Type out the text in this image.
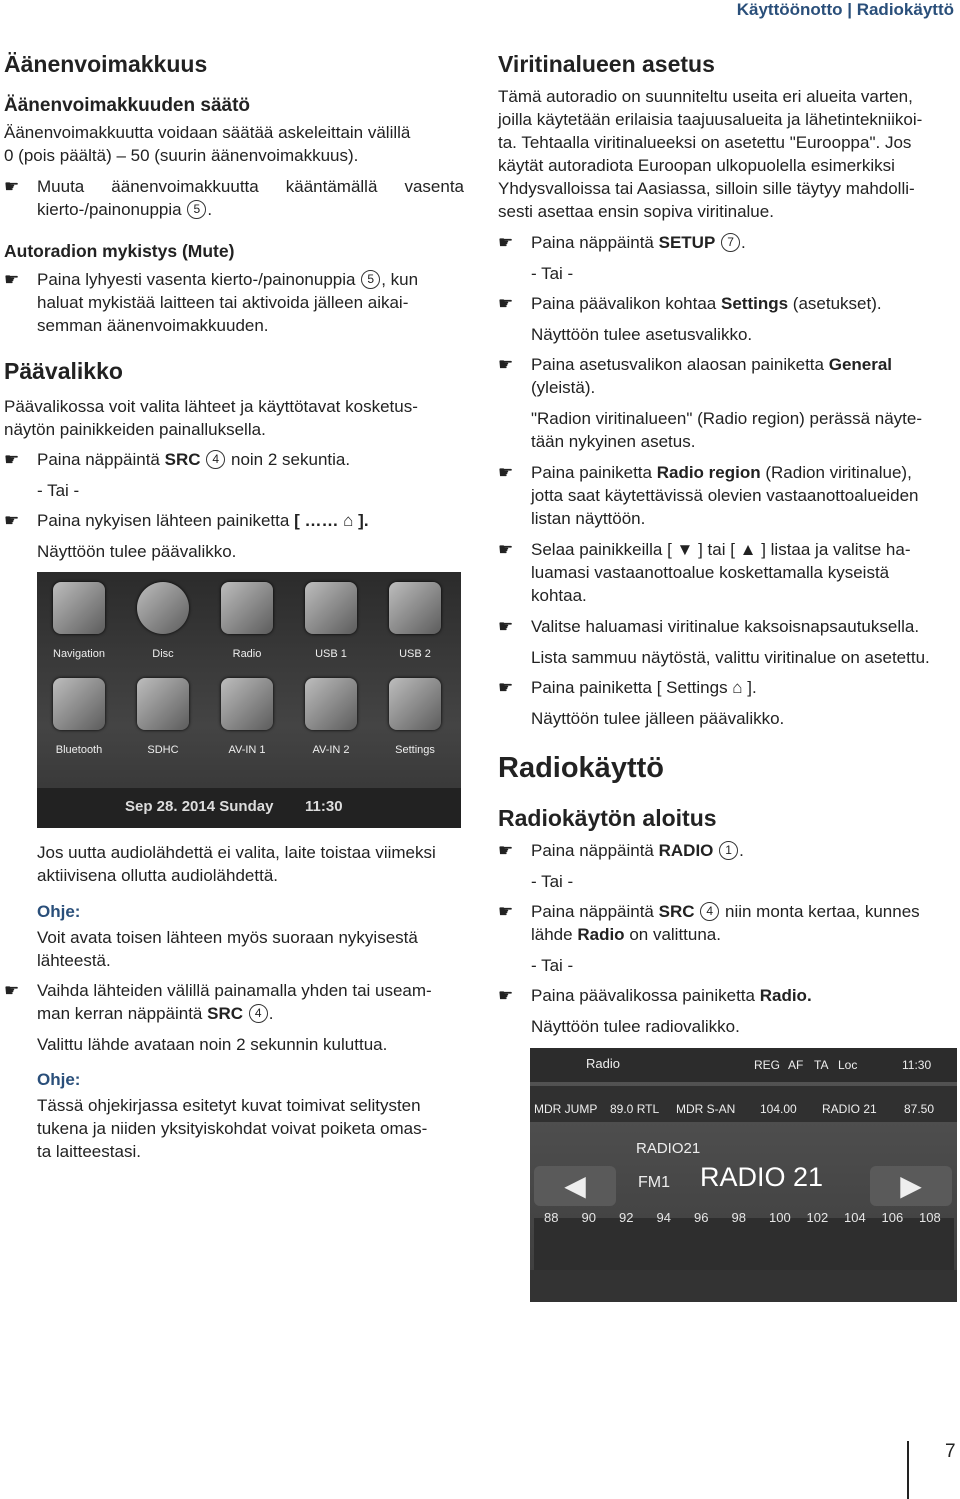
Käyttöönotto | Radiokäyttö
Äänenvoimakkuus
Äänenvoimakkuuden säätö
Äänenvoimakkuutta voidaan säätää askeleittain välillä
0 (pois päältä) – 50 (suurin äänenvoimakkuus).
☛ Muuta äänenvoimakkuutta kääntämällä vasenta
kierto-/painonuppia 5 .
Autoradion mykistys (Mute)
☛ Paina lyhyesti vasenta kierto-/painonuppia 5 , kun
haluat mykistää laitteen tai aktivoida jälleen aikai-
semman äänenvoimakkuuden.
Päävalikko
Päävalikossa voit valita lähteet ja käyttötavat kosketus-
näytön painikkeiden painalluksella.
☛ Paina näppäintä SRC 4 noin 2 sekuntia.
- Tai -
☛ Paina nykyisen lähteen painiketta [ …… ⌂ ].
Näyttöön tulee päävalikko.
Navigation	Disc	Radio	USB 1	USB 2
Bluetooth	SDHC	AV-IN 1	AV-IN 2	Settings
Sep 28. 2014 Sunday 11:30
Jos uutta audiolähdettä ei valita, laite toistaa viimeksi
aktiivisena ollutta audiolähdettä.
Ohje:
Voit avata toisen lähteen myös suoraan nykyisestä
lähteestä.
☛ Vaihda lähteiden välillä painamalla yhden tai useam-
man kerran näppäintä SRC 4 .
Valittu lähde avataan noin 2 sekunnin kuluttua.
Ohje:
Tässä ohjekirjassa esitetyt kuvat toimivat selitysten
tukena ja niiden yksityiskohdat voivat poiketa omas-
ta laitteestasi.
Viritinalueen asetus
Tämä autoradio on suunniteltu useita eri alueita varten,
joilla käytetään erilaisia taajuusalueita ja lähetintekniikoi-
ta. Tehtaalla viritinalueeksi on asetettu "Eurooppa". Jos
käytät autoradiota Euroopan ulkopuolella esimerkiksi
Yhdysvalloissa tai Aasiassa, silloin sille täytyy mahdolli-
sesti asettaa ensin sopiva viritinalue.
☛ Paina näppäintä SETUP 7 .
- Tai -
☛ Paina päävalikon kohtaa Settings (asetukset).
Näyttöön tulee asetusvalikko.
☛ Paina asetusvalikon alaosan painiketta General
(yleistä).
"Radion viritinalueen" (Radio region) perässä näyte-
tään nykyinen asetus.
☛ Paina painiketta Radio region (Radion viritinalue),
jotta saat käytettävissä olevien vastaanottoalueiden
listan näyttöön.
☛ Selaa painikkeilla [ ▼ ] tai [ ▲ ] listaa ja valitse ha-
luamasi vastaanottoalue koskettamalla kyseistä
kohtaa.
☛ Valitse haluamasi viritinalue kaksoisnapsautuksella.
Lista sammuu näytöstä, valittu viritinalue on asetettu.
☛ Paina painiketta [ Settings ⌂ ].
Näyttöön tulee jälleen päävalikko.
Radiokäyttö
Radiokäytön aloitus
☛ Paina näppäintä RADIO 1 .
- Tai -
☛ Paina näppäintä SRC 4 niin monta kertaa, kunnes
lähde Radio on valittuna.
- Tai -
☛ Paina päävalikossa painiketta Radio.
Näyttöön tulee radiovalikko.
Radio	REG AF TA Loc	11:30
MDR JUMP 89.0 RTL MDR S-AN 104.00 RADIO 21 87.50
RADIO21
◀	▶
FM1 RADIO 21
88 90 92 94 96 98 100 102 104 106 108
7
